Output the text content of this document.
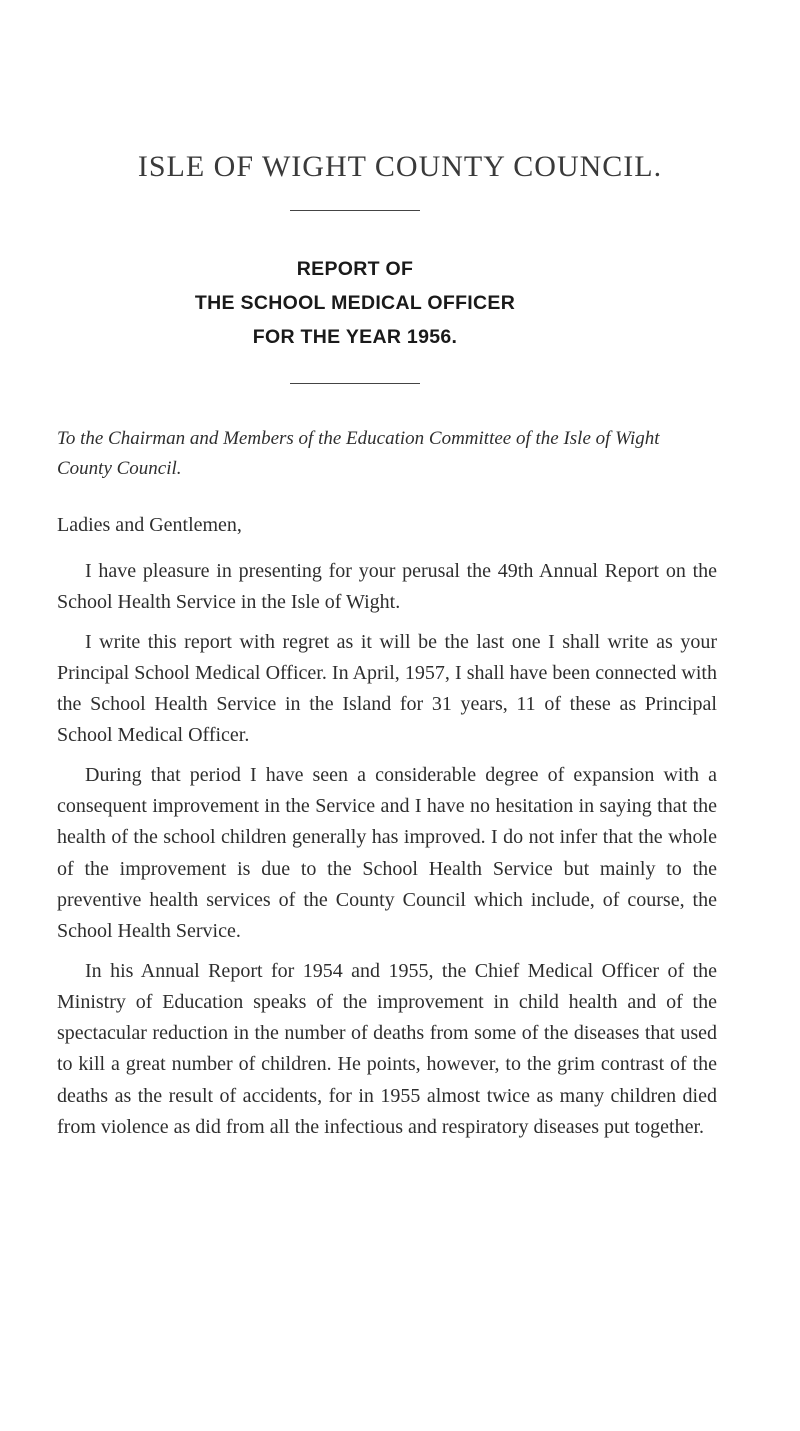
ISLE OF WIGHT COUNTY COUNCIL.
REPORT OF
THE SCHOOL MEDICAL OFFICER
FOR THE YEAR 1956.

To the Chairman and Members of the Education Committee of the Isle of Wight County Council.

Ladies and Gentlemen,

I have pleasure in presenting for your perusal the 49th Annual Report on the School Health Service in the Isle of Wight.

I write this report with regret as it will be the last one I shall write as your Principal School Medical Officer. In April, 1957, I shall have been connected with the School Health Service in the Island for 31 years, 11 of these as Principal School Medical Officer.

During that period I have seen a considerable degree of expansion with a consequent improvement in the Service and I have no hesitation in saying that the health of the school children generally has improved. I do not infer that the whole of the improvement is due to the School Health Service but mainly to the preventive health services of the County Council which include, of course, the School Health Service.

In his Annual Report for 1954 and 1955, the Chief Medical Officer of the Ministry of Education speaks of the improvement in child health and of the spectacular reduction in the number of deaths from some of the diseases that used to kill a great number of children. He points, however, to the grim contrast of the deaths as the result of accidents, for in 1955 almost twice as many children died from violence as did from all the infectious and respiratory diseases put together.
